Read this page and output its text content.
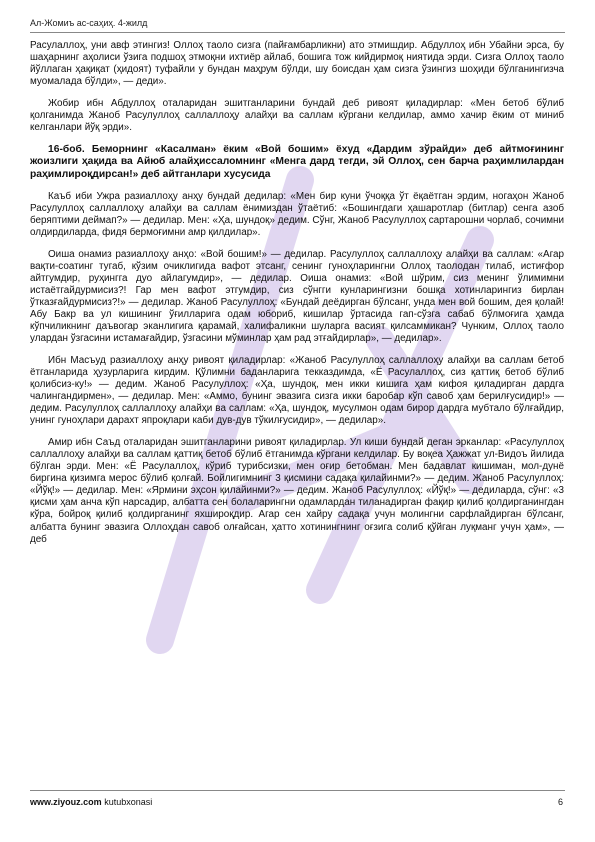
Ал-Жомиъ ас-саҳиҳ. 4-жилд

Расулаллоҳ, уни авф этингиз! Оллоҳ таоло сизга (пайғамбарликни) ато этмишдир. Абдуллоҳ ибн Убайни эрса, бу шаҳарнинг аҳолиси ўзига подшоҳ этмоқни ихтиёр айлаб, бошига тож кийдирмоқ ниятида эрди. Сизга Оллоҳ таоло йўллаган ҳақиқат (ҳидоят) туфайли у бундан маҳрум бўлди, шу боисдан ҳам сизга ўзингиз шоҳиди бўлганингизча муомалада бўлди», — деди».

Жобир ибн Абдуллоҳ оталаридан эшитганларини бундай деб ривоят қиладирлар: «Мен бетоб бўлиб қолганимда Жаноб Расулуллоҳ саллаллоҳу алайҳи ва саллам кўргани келдилар, аммо хачир ёким от миниб келганлари йўқ эрди».

16-боб. Беморнинг «Касалман» ёким «Вой бошим» ёхуд «Дардим зўрайди» деб айтмоғининг жоизлиги ҳақида ва Айюб алайҳиссаломнинг «Менга дард тегди, эй Оллоҳ, сен барча раҳимлилардан раҳимлироқдирсан!» деб айтганлари хусусида

Каъб иби Ужра разиаллоҳу анҳу бундай дедилар: «Мен бир куни ўчоққа ўт ёқаётган эрдим, ногаҳон Жаноб Расулуллоҳ саллаллоҳу алайҳи ва саллам ёнимиздан ўтаётиб: «Бошингдаги ҳашаротлар (битлар) сенга азоб беряптими деймап?» — дедилар. Мен: «Ҳа, шундоқ» дедим. Сўнг, Жаноб Расулуллоҳ сартарошни чорлаб, сочимни олдирдиларда, фидя бермоғимни амр қилдилар».

Оиша онамиз разиаллоҳу анҳо: «Вой бошим!» — дедилар. Расулуллоҳ саллаллоҳу алайҳи ва саллам: «Агар вақти-соатинг тугаб, кўзим очиклигида вафот этсанг, сенинг гуноҳларингни Оллоҳ таолодан тилаб, истиғфор айтгумдир, руҳингга дуо айлагумдир», — дедилар. Оиша онамиз: «Вой шўрим, сиз менинг ўлимимни истаётгайдурмисиз?! Гар мен вафот этгумдир, сиз сўнгги кунларингизни бошқа хотинларингиз бирлан ўтказғайдурмисиз?!» — дедилар. Жаноб Расулуллоҳ: «Бундай деёдирган бўлсанг, унда мен вой бошим, дея қолай! Абу Бакр ва ул кишининг ўғилларига одам юбориб, кишилар ўртасида гап-сўзга сабаб бўлмоғига ҳамда кўпчиликнинг даъвогар эканлигига қарамай, халифаликни шуларга васият қилсаммикан? Чунким, Оллоҳ таоло улардан ўзгасини истамағайдир, ўзгасини мўминлар ҳам рад этғайдирлар», — дедилар».

Ибн Масъуд разиаллоҳу анҳу ривоят қиладирлар: «Жаноб Расулуллоҳ саллаллоҳу алайҳи ва саллам бетоб ётганларида ҳузурларига кирдим. Қўлимни баданларига текказдимда, «Ё Расулаллоҳ, сиз қаттиқ бетоб бўлиб қолибсиз-ку!» — дедим. Жаноб Расулуллоҳ: «Ҳа, шундоқ, мен икки кишига ҳам кифоя қиладирган дардга чалингандирмен», — дедилар. Мен: «Аммо, бунинг эвазига сизга икки баробар кўп савоб ҳам берилғусидир!» — дедим. Расулуллоҳ саллаллоҳу алайҳи ва саллам: «Ҳа, шундоқ, мусулмон одам бирор дардга мубтало бўлғайдир, унинг гуноҳлари дарахт япроқлари каби дув-дув тўкилғусидир», — дедилар».

Амир ибн Саъд оталаридан эшитганларини ривоят қиладирлар. Ул киши бундай деган эрканлар: «Расулуллоҳ саллаллоҳу алайҳи ва саллам қаттиқ бетоб бўлиб ётганимда кўргани келдилар. Бу воқеа Ҳажжат ул-Видоъ йилида бўлган эрди. Мен: «Ё Расулаллоҳ, кўриб турибсизки, мен оғир бетобман. Мен бадавлат кишиман, мол-дунё биргина қизимга мерос бўлиб қолғай. Бойлигимнинг 3 қисмини садақа қилайинми?» — дедим. Жаноб Расулуллоҳ: «Йўқ!» — дедилар. Мен: «Ярмини эҳсон қилайинми?» — дедим. Жаноб Расулуллоҳ: «Йўқ!» — дедиларда, сўнг: «3 қисми ҳам анча кўп нарсадир, албатта сен болаларингни одамлардан тиланадирган фақир қилиб қолдирганингдан кўра, бойроқ қилиб қолдирганинг яхшироқдир. Агар сен хайру садақа учун молингни сарфлайдирган бўлсанг, албатта бунинг эвазига Оллоҳдан савоб олғайсан, ҳатто хотинингнинг оғзига солиб қўйган луқманг учун ҳам», — деб

www.ziyouz.com kutubxonasi	6
